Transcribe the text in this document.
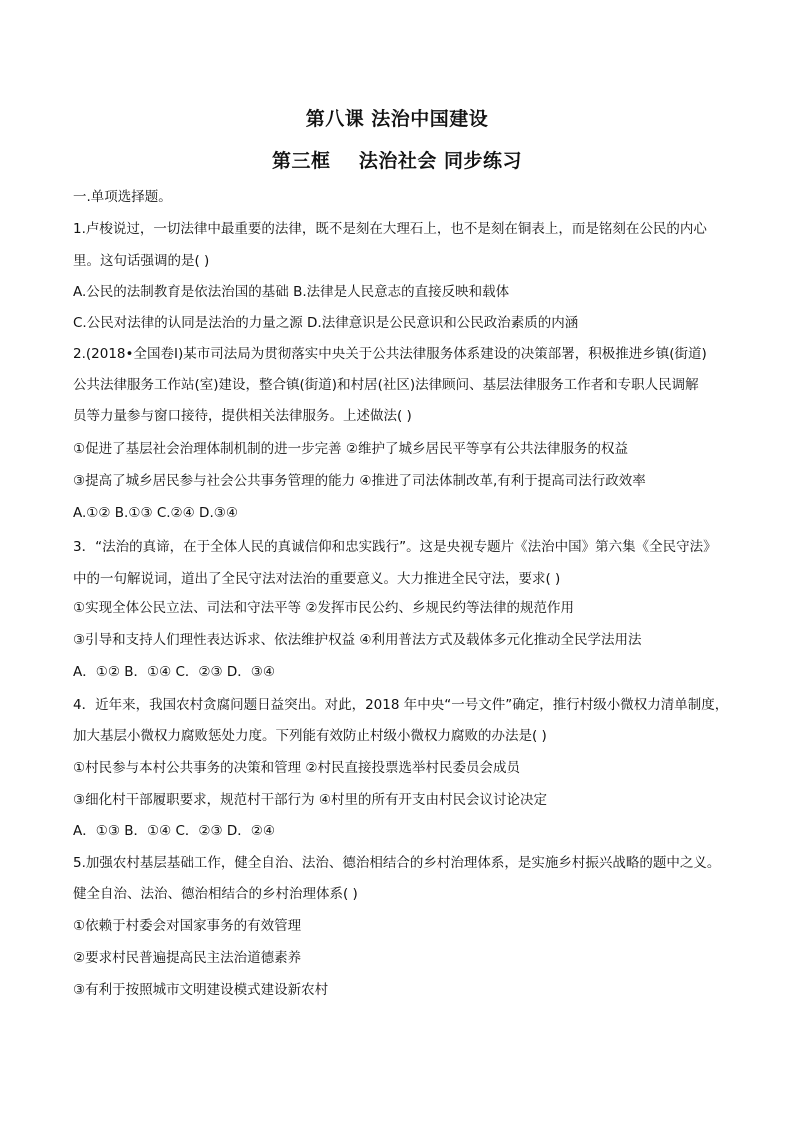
第八课 法治中国建设
第三框    法治社会 同步练习
一.单项选择题。
1.卢梭说过，一切法律中最重要的法律，既不是刻在大理石上，也不是刻在铜表上，而是铭刻在公民的内心
里。这句话强调的是( )
A.公民的法制教育是依法治国的基础 B.法律是人民意志的直接反映和载体
C.公民对法律的认同是法治的力量之源 D.法律意识是公民意识和公民政治素质的内涵
2.(2018•全国卷Ⅰ)某市司法局为贯彻落实中央关于公共法律服务体系建设的决策部署，积极推进乡镇(街道)
公共法律服务工作站(室)建设，整合镇(街道)和村居(社区)法律顾问、基层法律服务工作者和专职人民调解
员等力量参与窗口接待，提供相关法律服务。上述做法( )
①促进了基层社会治理体制机制的进一步完善 ②维护了城乡居民平等享有公共法律服务的权益
③提高了城乡居民参与社会公共事务管理的能力 ④推进了司法体制改革,有利于提高司法行政效率
A.①② B.①③ C.②④ D.③④
3．“法治的真谛，在于全体人民的真诚信仰和忠实践行”。这是央视专题片《法治中国》第六集《全民守法》
中的一句解说词，道出了全民守法对法治的重要意义。大力推进全民守法，要求( )
①实现全体公民立法、司法和守法平等 ②发挥市民公约、乡规民约等法律的规范作用
③引导和支持人们理性表达诉求、依法维护权益 ④利用普法方式及载体多元化推动全民学法用法
A．①② B．①④ C．②③ D．③④
4．近年来，我国农村贪腐问题日益突出。对此，2018 年中央“一号文件”确定，推行村级小微权力清单制度，
加大基层小微权力腐败惩处力度。下列能有效防止村级小微权力腐败的办法是( )
①村民参与本村公共事务的决策和管理 ②村民直接投票选举村民委员会成员
③细化村干部履职要求，规范村干部行为 ④村里的所有开支由村民会议讨论决定
A．①③ B．①④ C．②③ D．②④
5.加强农村基层基础工作，健全自治、法治、德治相结合的乡村治理体系，是实施乡村振兴战略的题中之义。
健全自治、法治、德治相结合的乡村治理体系( )
①依赖于村委会对国家事务的有效管理
②要求村民普遍提高民主法治道德素养
③有利于按照城市文明建设模式建设新农村
